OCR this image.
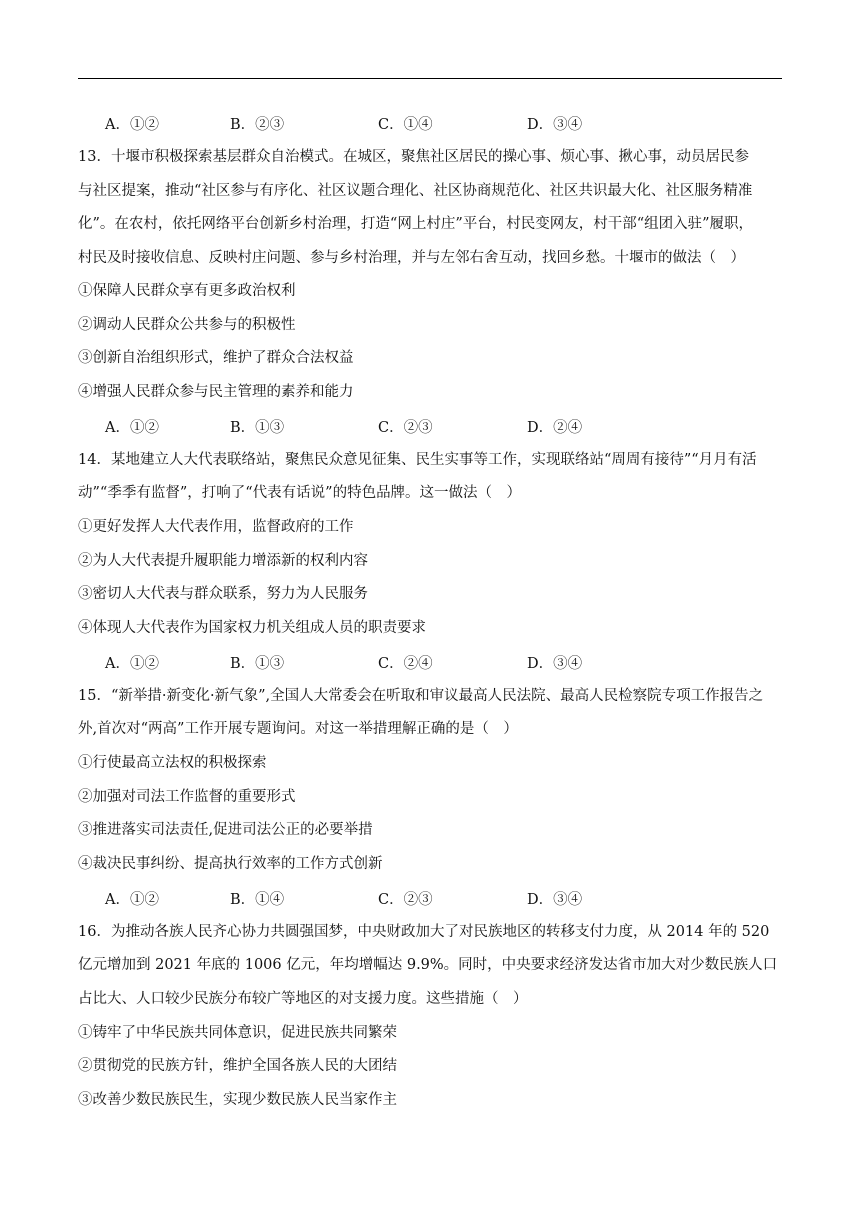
A．①②	B．②③	C．①④	D．③④
13．十堰市积极探索基层群众自治模式。在城区，聚焦社区居民的操心事、烦心事、揪心事，动员居民参
与社区提案，推动“社区参与有序化、社区议题合理化、社区协商规范化、社区共识最大化、社区服务精准
化”。在农村，依托网络平台创新乡村治理，打造“网上村庄”平台，村民变网友，村干部“组团入驻”履职，
村民及时接收信息、反映村庄问题、参与乡村治理，并与左邻右舍互动，找回乡愁。十堰市的做法（　）
①保障人民群众享有更多政治权利
②调动人民群众公共参与的积极性
③创新自治组织形式，维护了群众合法权益
④增强人民群众参与民主管理的素养和能力
A．①②	B．①③	C．②③	D．②④
14．某地建立人大代表联络站，聚焦民众意见征集、民生实事等工作，实现联络站“周周有接待”“月月有活
动”“季季有监督”，打响了“代表有话说”的特色品牌。这一做法（　）
①更好发挥人大代表作用，监督政府的工作
②为人大代表提升履职能力增添新的权利内容
③密切人大代表与群众联系，努力为人民服务
④体现人大代表作为国家权力机关组成人员的职责要求
A．①②	B．①③	C．②④	D．③④
15．“新举措·新变化·新气象”,全国人大常委会在听取和审议最高人民法院、最高人民检察院专项工作报告之
外,首次对“两高”工作开展专题询问。对这一举措理解正确的是（　）
①行使最高立法权的积极探索
②加强对司法工作监督的重要形式
③推进落实司法责任,促进司法公正的必要举措
④裁决民事纠纷、提高执行效率的工作方式创新
A．①②	B．①④	C．②③	D．③④
16．为推动各族人民齐心协力共圆强国梦，中央财政加大了对民族地区的转移支付力度，从 2014 年的 520
亿元增加到 2021 年底的 1006 亿元，年均增幅达 9.9%。同时，中央要求经济发达省市加大对少数民族人口
占比大、人口较少民族分布较广等地区的对支援力度。这些措施（　）
①铸牢了中华民族共同体意识，促进民族共同繁荣
②贯彻党的民族方针，维护全国各族人民的大团结
③改善少数民族民生，实现少数民族人民当家作主
